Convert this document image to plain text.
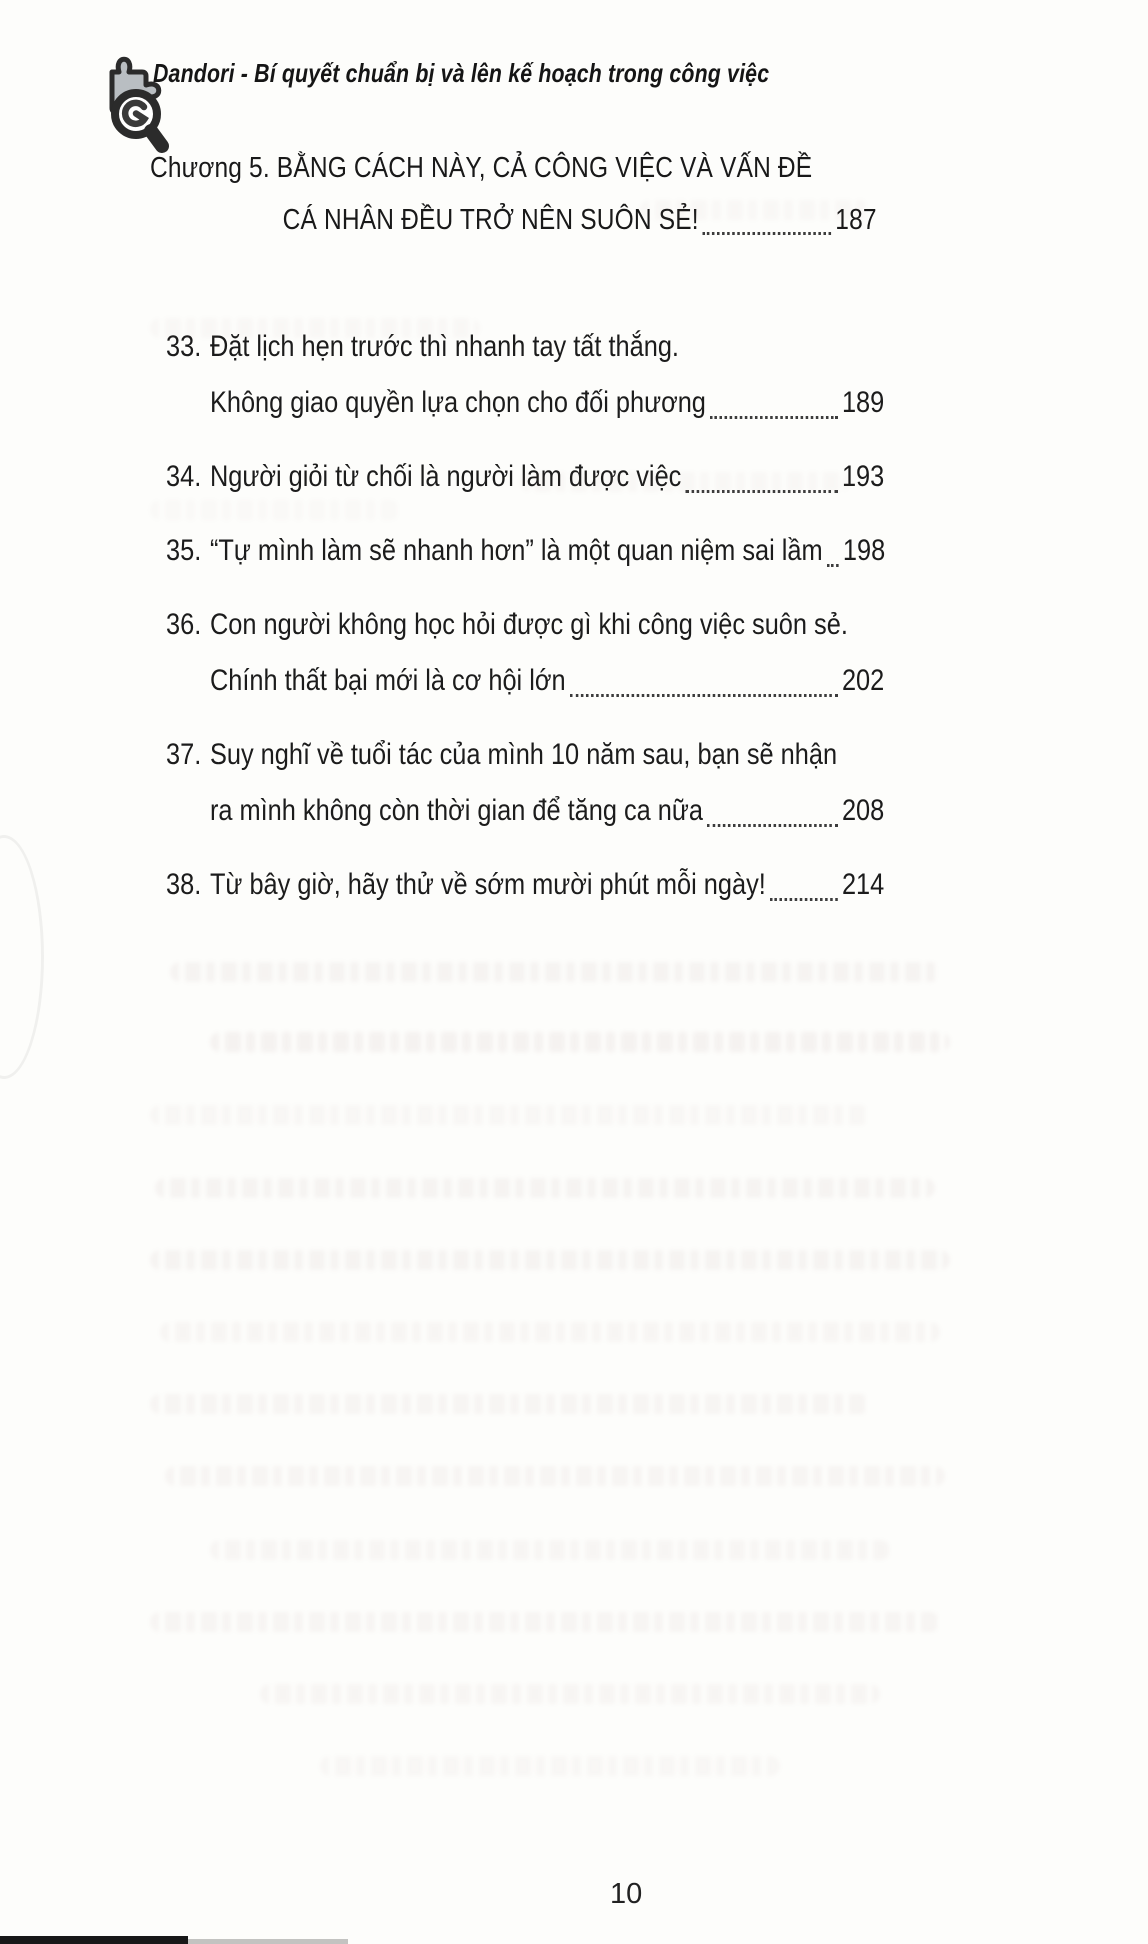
Dandori - Bí quyết chuẩn bị và lên kế hoạch trong công việc
Chương 5. BẰNG CÁCH NÀY, CẢ CÔNG VIỆC VÀ VẤN ĐỀ
CÁ NHÂN ĐỀU TRỞ NÊN SUÔN SẺ!	187
33. Đặt lịch hẹn trước thì nhanh tay tất thắng.
Không giao quyền lựa chọn cho đối phương	189
34. Người giỏi từ chối là người làm được việc	193
35. “Tự mình làm sẽ nhanh hơn” là một quan niệm sai lầm 198
36. Con người không học hỏi được gì khi công việc suôn sẻ.
Chính thất bại mới là cơ hội lớn	202
37. Suy nghĩ về tuổi tác của mình 10 năm sau, bạn sẽ nhận
ra mình không còn thời gian để tăng ca nữa	208
38. Từ bây giờ, hãy thử về sớm mười phút mỗi ngày!	214
10
